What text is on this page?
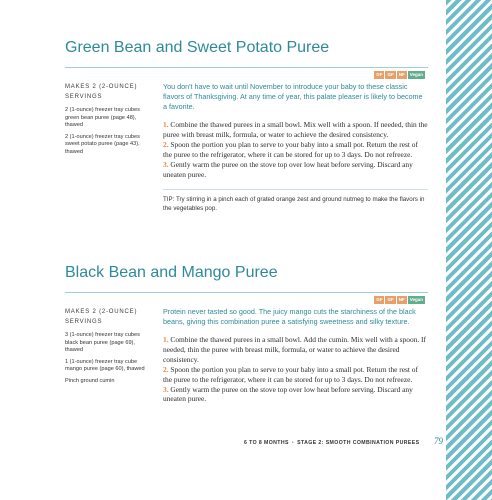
Green Bean and Sweet Potato Puree
GF	GF	NF	Vegan

MAKES 2 (2-OUNCE) SERVINGS

2 (1-ounce) freezer tray cubes green bean puree (page 48), thawed

2 (1-ounce) freezer tray cubes sweet potato puree (page 43), thawed

You don't have to wait until November to introduce your baby to these classic flavors of Thanksgiving. At any time of year, this palate pleaser is likely to become a favorite.

1. Combine the thawed purees in a small bowl. Mix well with a spoon. If needed, thin the puree with breast milk, formula, or water to achieve the desired consistency.
2. Spoon the portion you plan to serve to your baby into a small pot. Return the rest of the puree to the refrigerator, where it can be stored for up to 3 days. Do not refreeze.
3. Gently warm the puree on the stove top over low heat before serving. Discard any uneaten puree.

TIP: Try stirring in a pinch each of grated orange zest and ground nutmeg to make the flavors in the vegetables pop.

Black Bean and Mango Puree
GF	GF	NF	Vegan

MAKES 2 (2-OUNCE) SERVINGS

3 (1-ounce) freezer tray cubes black bean puree (page 69), thawed

1 (1-ounce) freezer tray cube mango puree (page 60), thawed

Pinch ground cumin

Protein never tasted so good. The juicy mango cuts the starchiness of the black beans, giving this combination puree a satisfying sweetness and silky texture.

1. Combine the thawed purees in a small bowl. Add the cumin. Mix well with a spoon. If needed, thin the puree with breast milk, formula, or water to achieve the desired consistency.
2. Spoon the portion you plan to serve to your baby into a small pot. Return the rest of the puree to the refrigerator, where it can be stored for up to 3 days. Do not refreeze.
3. Gently warm the puree on the stove top over low heat before serving. Discard any uneaten puree.
6 TO 8 MONTHS • STAGE 2: SMOOTH COMBINATION PUREES 79
